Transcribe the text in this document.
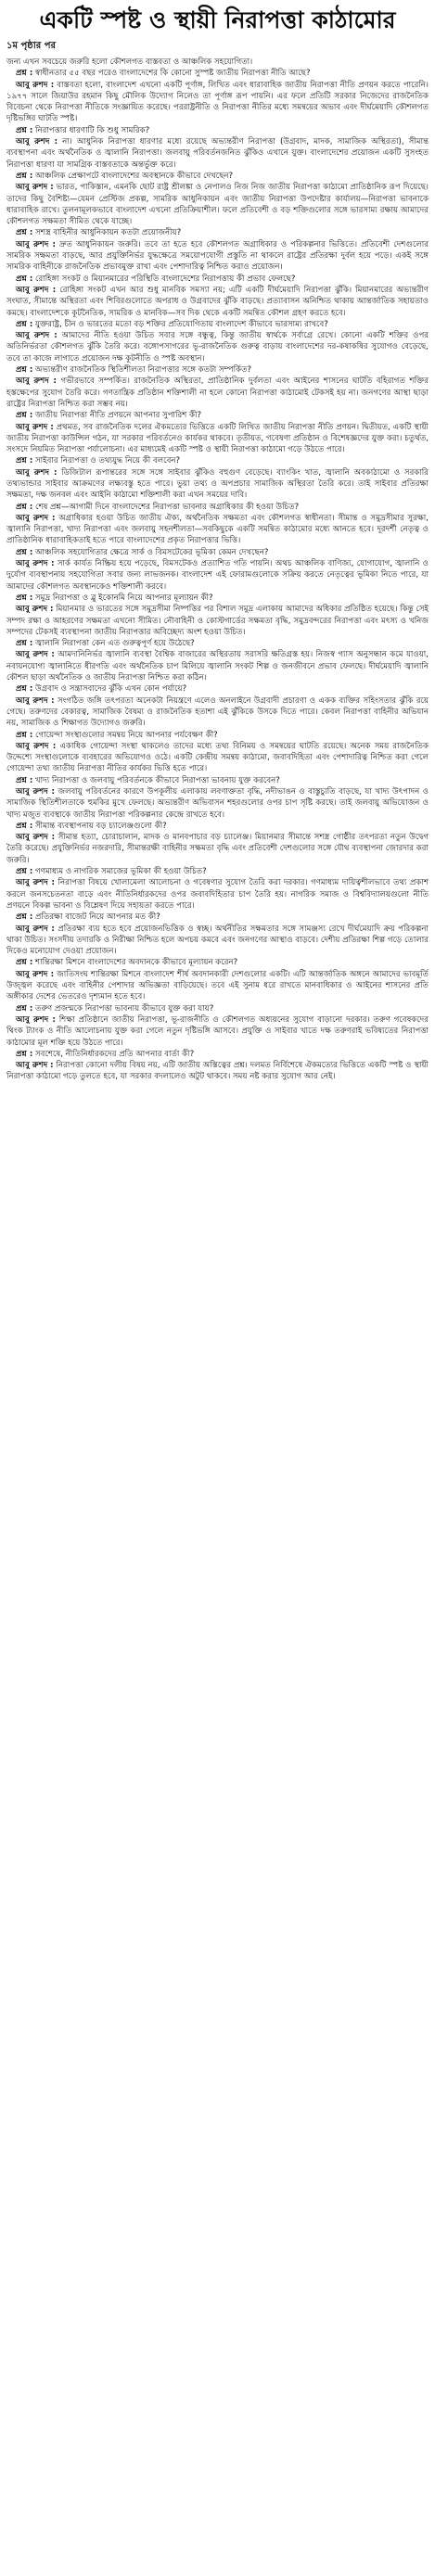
একটি স্পষ্ট ও স্থায়ী নিরাপত্তা কাঠামোর
১ম পৃষ্ঠার পর

জন্য এখন সবচেয়ে জরুরি হলো কৌশলগত বাস্তবতা ও আঞ্চলিক সহযোগিতা।

প্রশ্ন : স্বাধীনতার ৫৫ বছর পরেও বাংলাদেশের কি কোনো সুস্পষ্ট জাতীয় নিরাপত্তা নীতি আছে?

আবু রুশদ : বাস্তবতা হলো, বাংলাদেশ এখনো একটি পূর্ণাঙ্গ, লিখিত এবং ধারাবাহিক জাতীয় নিরাপত্তা নীতি প্রণয়ন করতে পারেনি। ১৯৭৭ সালে জিয়াউর রহমান কিছু মৌলিক উদ্যোগ নিলেও তা পূর্ণাঙ্গ রূপ পায়নি। এর ফলে প্রতিটি সরকার নিজেদের রাজনৈতিক বিবেচনা থেকে নিরাপত্তা নীতিকে সংজ্ঞায়িত করেছে। পররাষ্ট্রনীতি ও নিরাপত্তা নীতির মধ্যে সমন্বয়ের অভাব এবং দীর্ঘমেয়াদি কৌশলগত দৃষ্টিভঙ্গির ঘাটতি স্পষ্ট।

প্রশ্ন : নিরাপত্তার ধারণাটি কি শুধু সামরিক?

আবু রুশদ : না। আধুনিক নিরাপত্তা ধারণার মধ্যে রয়েছে অভ্যন্তরীণ নিরাপত্তা (উগ্রবাদ, মাদক, সামাজিক অস্থিরতা), সীমান্ত ব্যবস্থাপনা এবং অর্থনৈতিক ও জ্বালানি নিরাপত্তা। জলবায়ু পরিবর্তনজনিত ঝুঁকিও এখানে যুক্ত। বাংলাদেশের প্রয়োজন একটি সুসংহত নিরাপত্তা ধারণা যা সামগ্রিক বাস্তবতাকে অন্তর্ভুক্ত করে।

প্রশ্ন : আঞ্চলিক প্রেক্ষাপটে বাংলাদেশের অবস্থানকে কীভাবে দেখছেন?

আবু রুশদ : ভারত, পাকিস্তান, এমনকি ছোট রাষ্ট্র শ্রীলঙ্কা ও নেপালও নিজ নিজ জাতীয় নিরাপত্তা কাঠামো প্রাতিষ্ঠানিক রূপ দিয়েছে। তাদের কিছু বৈশিষ্ট্য—যেমন প্রেস্টিজ প্রকল্প, সামরিক আধুনিকায়ন এবং জাতীয় নিরাপত্তা উপদেষ্টার কার্যালয়—নিরাপত্তা ভাবনাকে ধারাবাহিক রাখে। তুলনামূলকভাবে বাংলাদেশ এখনো প্রতিক্রিয়াশীল। ফলে প্রতিবেশী ও বড় শক্তিগুলোর সঙ্গে ভারসাম্য রক্ষায় আমাদের কৌশলগত সক্ষমতা সীমিত থেকে যাচ্ছে।

প্রশ্ন : সশস্ত্র বাহিনীর আধুনিকায়ন কতটা প্রয়োজনীয়?

আবু রুশদ : দ্রুত আধুনিকায়ন জরুরি। তবে তা হতে হবে কৌশলগত অগ্রাধিকার ও পরিকল্পনার ভিত্তিতে। প্রতিবেশী দেশগুলোর সামরিক সক্ষমতা বাড়ছে, আর প্রযুক্তিনির্ভর যুদ্ধক্ষেত্রে সময়োপযোগী প্রস্তুতি না থাকলে রাষ্ট্রের প্রতিরক্ষা দুর্বল হয়ে পড়ে। একই সঙ্গে সামরিক বাহিনীকে রাজনৈতিক প্রভাবমুক্ত রাখা এবং পেশাদারিত্ব নিশ্চিত করাও প্রয়োজন।

প্রশ্ন : রোহিঙ্গা সংকট ও মিয়ানমারের পরিস্থিতি বাংলাদেশের নিরাপত্তায় কী প্রভাব ফেলছে?

আবু রুশদ : রোহিঙ্গা সংকট এখন আর শুধু মানবিক সমস্যা নয়; এটি একটি দীর্ঘমেয়াদি নিরাপত্তা ঝুঁকি। মিয়ানমারের অভ্যন্তরীণ সংঘাত, সীমান্তে অস্থিরতা এবং শিবিরগুলোতে অপরাধ ও উগ্রবাদের ঝুঁকি বাড়ছে। প্রত্যাবাসন অনিশ্চিত থাকায় আন্তর্জাতিক সহায়তাও কমছে। বাংলাদেশকে কূটনৈতিক, সামরিক ও মানবিক—সব দিক থেকে একটি সমন্বিত কৌশল গ্রহণ করতে হবে।

প্রশ্ন : যুক্তরাষ্ট্র, চীন ও ভারতের মতো বড় শক্তির প্রতিযোগিতায় বাংলাদেশ কীভাবে ভারসাম্য রাখবে?

আবু রুশদ : আমাদের নীতি হওয়া উচিত সবার সঙ্গে বন্ধুত্ব, কিন্তু জাতীয় স্বার্থকে সর্বাগ্রে রেখে। কোনো একটি শক্তির ওপর অতিনির্ভরতা কৌশলগত ঝুঁকি তৈরি করে। বঙ্গোপসাগরের ভূ-রাজনৈতিক গুরুত্ব বাড়ায় বাংলাদেশের দর-কষাকষির সুযোগও বেড়েছে, তবে তা কাজে লাগাতে প্রয়োজন দক্ষ কূটনীতি ও স্পষ্ট অবস্থান।

প্রশ্ন : অভ্যন্তরীণ রাজনৈতিক স্থিতিশীলতা নিরাপত্তার সঙ্গে কতটা সম্পর্কিত?

আবু রুশদ : গভীরভাবে সম্পর্কিত। রাজনৈতিক অস্থিরতা, প্রাতিষ্ঠানিক দুর্বলতা এবং আইনের শাসনের ঘাটতি বহিরাগত শক্তির হস্তক্ষেপের সুযোগ তৈরি করে। গণতান্ত্রিক প্রতিষ্ঠান শক্তিশালী না হলে কোনো নিরাপত্তা কাঠামোই টেকসই হয় না। জনগণের আস্থা ছাড়া রাষ্ট্রের নিরাপত্তা নিশ্চিত করা সম্ভব নয়।

প্রশ্ন : জাতীয় নিরাপত্তা নীতি প্রণয়নে আপনার সুপারিশ কী?

আবু রুশদ : প্রথমত, সব রাজনৈতিক দলের ঐকমত্যের ভিত্তিতে একটি লিখিত জাতীয় নিরাপত্তা নীতি প্রণয়ন। দ্বিতীয়ত, একটি স্থায়ী জাতীয় নিরাপত্তা কাউন্সিল গঠন, যা সরকার পরিবর্তনেও কার্যকর থাকবে। তৃতীয়ত, গবেষণা প্রতিষ্ঠান ও বিশেষজ্ঞদের যুক্ত করা। চতুর্থত, সংসদে নিয়মিত নিরাপত্তা পর্যালোচনা। এর মাধ্যমেই একটি স্পষ্ট ও স্থায়ী নিরাপত্তা কাঠামো গড়ে উঠতে পারে।

প্রশ্ন : সাইবার নিরাপত্তা ও তথ্যযুদ্ধ নিয়ে কী বলবেন?

আবু রুশদ : ডিজিটাল রূপান্তরের সঙ্গে সঙ্গে সাইবার ঝুঁকিও বহুগুণ বেড়েছে। ব্যাংকিং খাত, জ্বালানি অবকাঠামো ও সরকারি তথ্যভান্ডার সাইবার আক্রমণের লক্ষ্যবস্তু হতে পারে। ভুয়া তথ্য ও অপপ্রচার সামাজিক অস্থিরতা তৈরি করে। তাই সাইবার প্রতিরক্ষা সক্ষমতা, দক্ষ জনবল এবং আইনি কাঠামো শক্তিশালী করা এখন সময়ের দাবি।

প্রশ্ন : শেষ প্রশ্ন—আগামী দিনে বাংলাদেশের নিরাপত্তা ভাবনার অগ্রাধিকার কী হওয়া উচিত?

আবু রুশদ : অগ্রাধিকার হওয়া উচিত জাতীয় ঐক্য, অর্থনৈতিক সক্ষমতা এবং কৌশলগত স্বাধীনতা। সীমান্ত ও সমুদ্রসীমার সুরক্ষা, জ্বালানি নিরাপত্তা, খাদ্য নিরাপত্তা এবং জলবায়ু সহনশীলতা—সবকিছুকে একটি সমন্বিত কাঠামোর মধ্যে আনতে হবে। দূরদর্শী নেতৃত্ব ও প্রাতিষ্ঠানিক ধারাবাহিকতাই হতে পারে বাংলাদেশের প্রকৃত নিরাপত্তার ভিত্তি।

প্রশ্ন : আঞ্চলিক সহযোগিতার ক্ষেত্রে সার্ক ও বিমসটেকের ভূমিকা কেমন দেখছেন?

আবু রুশদ : সার্ক কার্যত নিষ্ক্রিয় হয়ে পড়েছে, বিমসটেকও প্রত্যাশিত গতি পায়নি। অথচ আঞ্চলিক বাণিজ্য, যোগাযোগ, জ্বালানি ও দুর্যোগ ব্যবস্থাপনায় সহযোগিতা সবার জন্য লাভজনক। বাংলাদেশ এই ফোরামগুলোকে সক্রিয় করতে নেতৃত্বের ভূমিকা নিতে পারে, যা আমাদের কৌশলগত অবস্থানকেও শক্তিশালী করবে।

প্রশ্ন : সমুদ্র নিরাপত্তা ও ব্লু ইকোনমি নিয়ে আপনার মূল্যায়ন কী?

আবু রুশদ : মিয়ানমার ও ভারতের সঙ্গে সমুদ্রসীমা নিষ্পত্তির পর বিশাল সমুদ্র এলাকায় আমাদের অধিকার প্রতিষ্ঠিত হয়েছে। কিন্তু সেই সম্পদ রক্ষা ও আহরণের সক্ষমতা এখনো সীমিত। নৌবাহিনী ও কোস্টগার্ডের সক্ষমতা বৃদ্ধি, সমুদ্রবন্দরের নিরাপত্তা এবং মৎস্য ও খনিজ সম্পদের টেকসই ব্যবস্থাপনা জাতীয় নিরাপত্তার অবিচ্ছেদ্য অংশ হওয়া উচিত।

প্রশ্ন : জ্বালানি নিরাপত্তা কেন এত গুরুত্বপূর্ণ হয়ে উঠেছে?

আবু রুশদ : আমদানিনির্ভর জ্বালানি ব্যবস্থা বৈশ্বিক বাজারের অস্থিরতায় সরাসরি ক্ষতিগ্রস্ত হয়। নিজস্ব গ্যাস অনুসন্ধান কমে যাওয়া, নবায়নযোগ্য জ্বালানিতে ধীরগতি এবং অর্থনৈতিক চাপ মিলিয়ে জ্বালানি সংকট শিল্প ও জনজীবনে প্রভাব ফেলছে। দীর্ঘমেয়াদি জ্বালানি কৌশল ছাড়া অর্থনৈতিক ও জাতীয় নিরাপত্তা নিশ্চিত করা কঠিন।

প্রশ্ন : উগ্রবাদ ও সন্ত্রাসবাদের ঝুঁকি এখন কোন পর্যায়ে?

আবু রুশদ : সংগঠিত জঙ্গি তৎপরতা অনেকটা নিয়ন্ত্রণে এলেও অনলাইনে উগ্রবাদী প্রচারণা ও একক ব্যক্তির সহিংসতার ঝুঁকি রয়ে গেছে। তরুণদের বেকারত্ব, সামাজিক বৈষম্য ও রাজনৈতিক হতাশা এই ঝুঁকিকে উসকে দিতে পারে। কেবল নিরাপত্তা বাহিনীর অভিযান নয়, সামাজিক ও শিক্ষাগত উদ্যোগও জরুরি।

প্রশ্ন : গোয়েন্দা সংস্থাগুলোর সমন্বয় নিয়ে আপনার পর্যবেক্ষণ কী?

আবু রুশদ : একাধিক গোয়েন্দা সংস্থা থাকলেও তাদের মধ্যে তথ্য বিনিময় ও সমন্বয়ের ঘাটতি রয়েছে। অনেক সময় রাজনৈতিক উদ্দেশ্যে সংস্থাগুলোকে ব্যবহারের অভিযোগও ওঠে। একটি কেন্দ্রীয় সমন্বয় কাঠামো, জবাবদিহিতা এবং পেশাদারিত্ব নিশ্চিত করা গেলে গোয়েন্দা তথ্য জাতীয় নিরাপত্তা নীতির কার্যকর ভিত্তি হতে পারে।

প্রশ্ন : খাদ্য নিরাপত্তা ও জলবায়ু পরিবর্তনকে কীভাবে নিরাপত্তা ভাবনায় যুক্ত করবেন?

আবু রুশদ : জলবায়ু পরিবর্তনের কারণে উপকূলীয় এলাকায় লবণাক্ততা বৃদ্ধি, নদীভাঙন ও বাস্তুচ্যুতি বাড়ছে, যা খাদ্য উৎপাদন ও সামাজিক স্থিতিশীলতাকে হুমকির মুখে ফেলছে। অভ্যন্তরীণ অভিবাসন শহরগুলোর ওপর চাপ সৃষ্টি করছে। তাই জলবায়ু অভিযোজন ও খাদ্য মজুত ব্যবস্থাকে জাতীয় নিরাপত্তা পরিকল্পনার কেন্দ্রে রাখতে হবে।

প্রশ্ন : সীমান্ত ব্যবস্থাপনায় বড় চ্যালেঞ্জগুলো কী?

আবু রুশদ : সীমান্ত হত্যা, চোরাচালান, মাদক ও মানবপাচার বড় চ্যালেঞ্জ। মিয়ানমার সীমান্তে সশস্ত্র গোষ্ঠীর তৎপরতা নতুন উদ্বেগ তৈরি করেছে। প্রযুক্তিনির্ভর নজরদারি, সীমান্তরক্ষী বাহিনীর সক্ষমতা বৃদ্ধি এবং প্রতিবেশী দেশগুলোর সঙ্গে যৌথ ব্যবস্থাপনা জোরদার করা জরুরি।

প্রশ্ন : গণমাধ্যম ও নাগরিক সমাজের ভূমিকা কী হওয়া উচিত?

আবু রুশদ : নিরাপত্তা বিষয়ে খোলামেলা আলোচনা ও গবেষণার সুযোগ তৈরি করা দরকার। গণমাধ্যম দায়িত্বশীলভাবে তথ্য প্রকাশ করলে জনসচেতনতা বাড়ে এবং নীতিনির্ধারকদের ওপর জবাবদিহিতার চাপ তৈরি হয়। নাগরিক সমাজ ও বিশ্ববিদ্যালয়গুলো নীতি প্রণয়নে বিকল্প ভাবনা ও বিশ্লেষণ দিয়ে সহায়তা করতে পারে।

প্রশ্ন : প্রতিরক্ষা বাজেট নিয়ে আপনার মত কী?

আবু রুশদ : প্রতিরক্ষা ব্যয় হতে হবে প্রয়োজনভিত্তিক ও স্বচ্ছ। অর্থনীতির সক্ষমতার সঙ্গে সামঞ্জস্য রেখে দীর্ঘমেয়াদি ক্রয় পরিকল্পনা থাকা উচিত। সংসদীয় তদারকি ও নিরীক্ষা নিশ্চিত হলে অপচয় কমবে এবং জনগণের আস্থাও বাড়বে। দেশীয় প্রতিরক্ষা শিল্প গড়ে তোলার দিকেও মনোযোগ দেওয়া প্রয়োজন।

প্রশ্ন : শান্তিরক্ষা মিশনে বাংলাদেশের অবদানকে কীভাবে মূল্যায়ন করেন?

আবু রুশদ : জাতিসংঘ শান্তিরক্ষা মিশনে বাংলাদেশ শীর্ষ অবদানকারী দেশগুলোর একটি। এটি আন্তর্জাতিক অঙ্গনে আমাদের ভাবমূর্তি উজ্জ্বল করেছে এবং বাহিনীর পেশাদার অভিজ্ঞতা বাড়িয়েছে। তবে এই সুনাম ধরে রাখতে মানবাধিকার ও আইনের শাসনের প্রতি অঙ্গীকার দেশের ভেতরেও দৃশ্যমান হতে হবে।

প্রশ্ন : তরুণ প্রজন্মকে নিরাপত্তা ভাবনায় কীভাবে যুক্ত করা যায়?

আবু রুশদ : শিক্ষা প্রতিষ্ঠানে জাতীয় নিরাপত্তা, ভূ-রাজনীতি ও কৌশলগত অধ্যয়নের সুযোগ বাড়ানো দরকার। তরুণ গবেষকদের থিংক ট্যাংক ও নীতি আলোচনায় যুক্ত করা গেলে নতুন দৃষ্টিভঙ্গি আসবে। প্রযুক্তি ও সাইবার খাতে দক্ষ তরুণরাই ভবিষ্যতের নিরাপত্তা কাঠামোর মূল শক্তি হয়ে উঠতে পারে।

প্রশ্ন : সবশেষে, নীতিনির্ধারকদের প্রতি আপনার বার্তা কী?

আবু রুশদ : নিরাপত্তা কোনো দলীয় বিষয় নয়, এটি জাতীয় অস্তিত্বের প্রশ্ন। দলমত নির্বিশেষে ঐকমত্যের ভিত্তিতে একটি স্পষ্ট ও স্থায়ী নিরাপত্তা কাঠামো গড়ে তুলতে হবে, যা সরকার বদলালেও অটুট থাকবে। সময় নষ্ট করার সুযোগ আর নেই।
